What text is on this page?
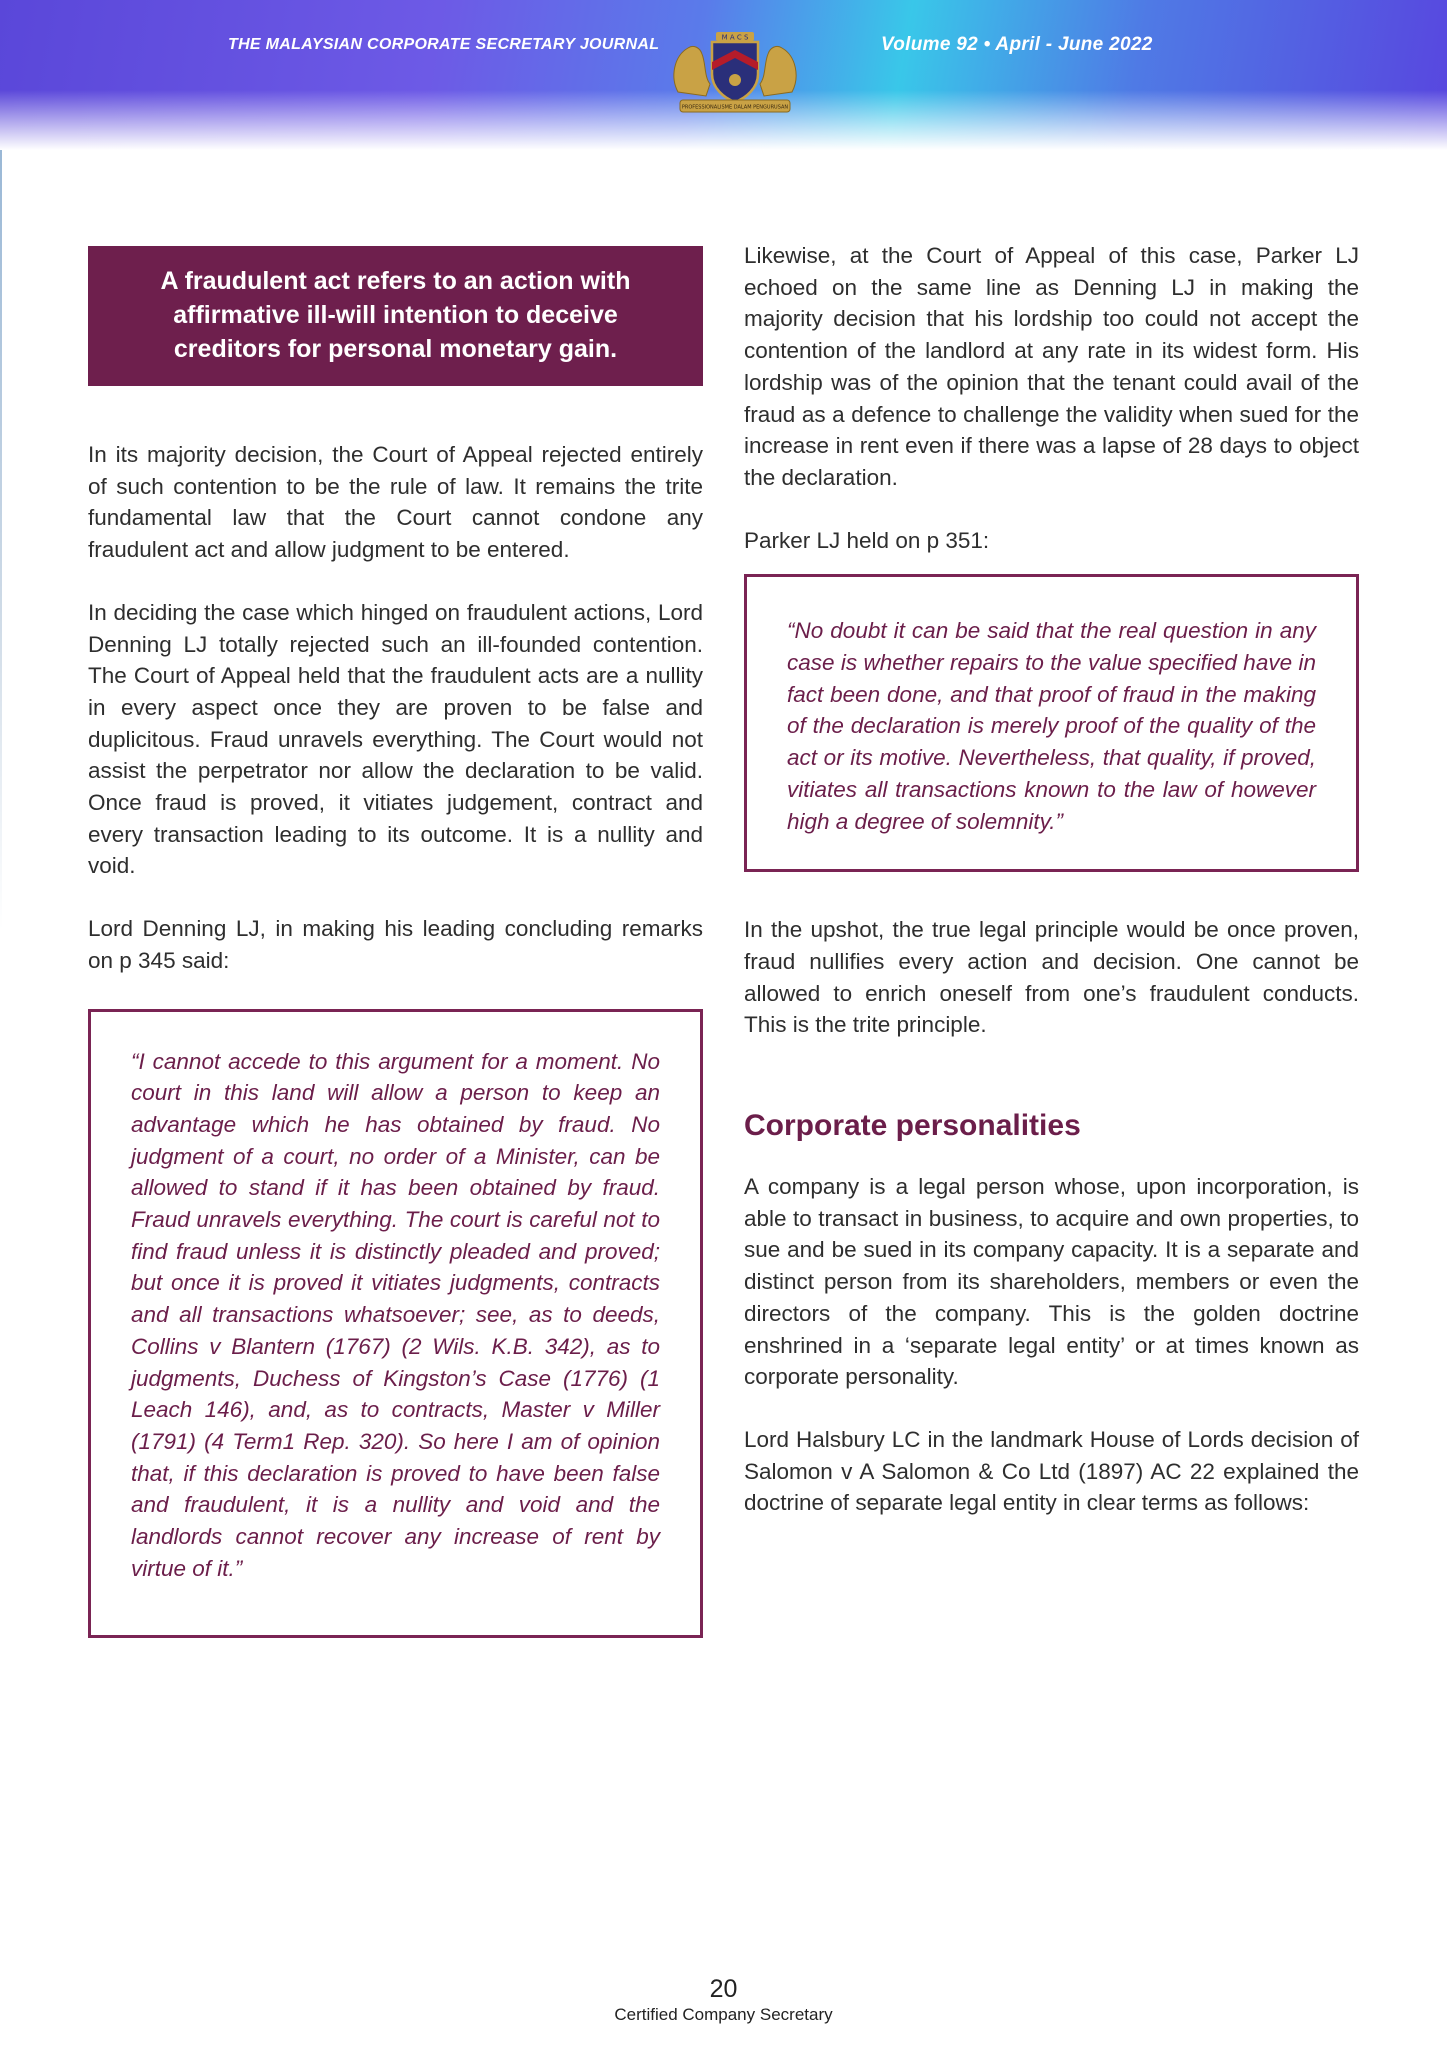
THE MALAYSIAN CORPORATE SECRETARY JOURNAL	M A C S
PROFESSIONALISME DALAM PENGURUSAN
Volume 92 • April - June 2022
A fraudulent act refers to an action with affirmative ill-will intention to deceive creditors for personal monetary gain.

In its majority decision, the Court of Appeal rejected entirely of such contention to be the rule of law. It remains the trite fundamental law that the Court cannot condone any fraudulent act and allow judgment to be entered.

In deciding the case which hinged on fraudulent actions, Lord Denning LJ totally rejected such an ill-founded contention. The Court of Appeal held that the fraudulent acts are a nullity in every aspect once they are proven to be false and duplicitous. Fraud unravels everything. The Court would not assist the perpetrator nor allow the declaration to be valid. Once fraud is proved, it vitiates judgement, contract and every transaction leading to its outcome. It is a nullity and void.

Lord Denning LJ, in making his leading concluding remarks on p 345 said:

“I cannot accede to this argument for a moment. No court in this land will allow a person to keep an advantage which he has obtained by fraud. No judgment of a court, no order of a Minister, can be allowed to stand if it has been obtained by fraud. Fraud unravels everything. The court is careful not to find fraud unless it is distinctly pleaded and proved; but once it is proved it vitiates judgments, contracts and all transactions whatsoever; see, as to deeds, Collins v Blantern (1767) (2 Wils. K.B. 342), as to judgments, Duchess of Kingston’s Case (1776) (1 Leach 146), and, as to contracts, Master v Miller (1791) (4 Term1 Rep. 320). So here I am of opinion that, if this declaration is proved to have been false and fraudulent, it is a nullity and void and the landlords cannot recover any increase of rent by virtue of it.”

Likewise, at the Court of Appeal of this case, Parker LJ echoed on the same line as Denning LJ in making the majority decision that his lordship too could not accept the contention of the landlord at any rate in its widest form. His lordship was of the opinion that the tenant could avail of the fraud as a defence to challenge the validity when sued for the increase in rent even if there was a lapse of 28 days to object the declaration.

Parker LJ held on p 351:

“No doubt it can be said that the real question in any case is whether repairs to the value specified have in fact been done, and that proof of fraud in the making of the declaration is merely proof of the quality of the act or its motive. Nevertheless, that quality, if proved, vitiates all transactions known to the law of however high a degree of solemnity.”

In the upshot, the true legal principle would be once proven, fraud nullifies every action and decision. One cannot be allowed to enrich oneself from one’s fraudulent conducts. This is the trite principle.

Corporate personalities

A company is a legal person whose, upon incorporation, is able to transact in business, to acquire and own properties, to sue and be sued in its company capacity. It is a separate and distinct person from its shareholders, members or even the directors of the company. This is the golden doctrine enshrined in a ‘separate legal entity’ or at times known as corporate personality.

Lord Halsbury LC in the landmark House of Lords decision of Salomon v A Salomon & Co Ltd (1897) AC 22 explained the doctrine of separate legal entity in clear terms as follows:

20
Certified Company Secretary
